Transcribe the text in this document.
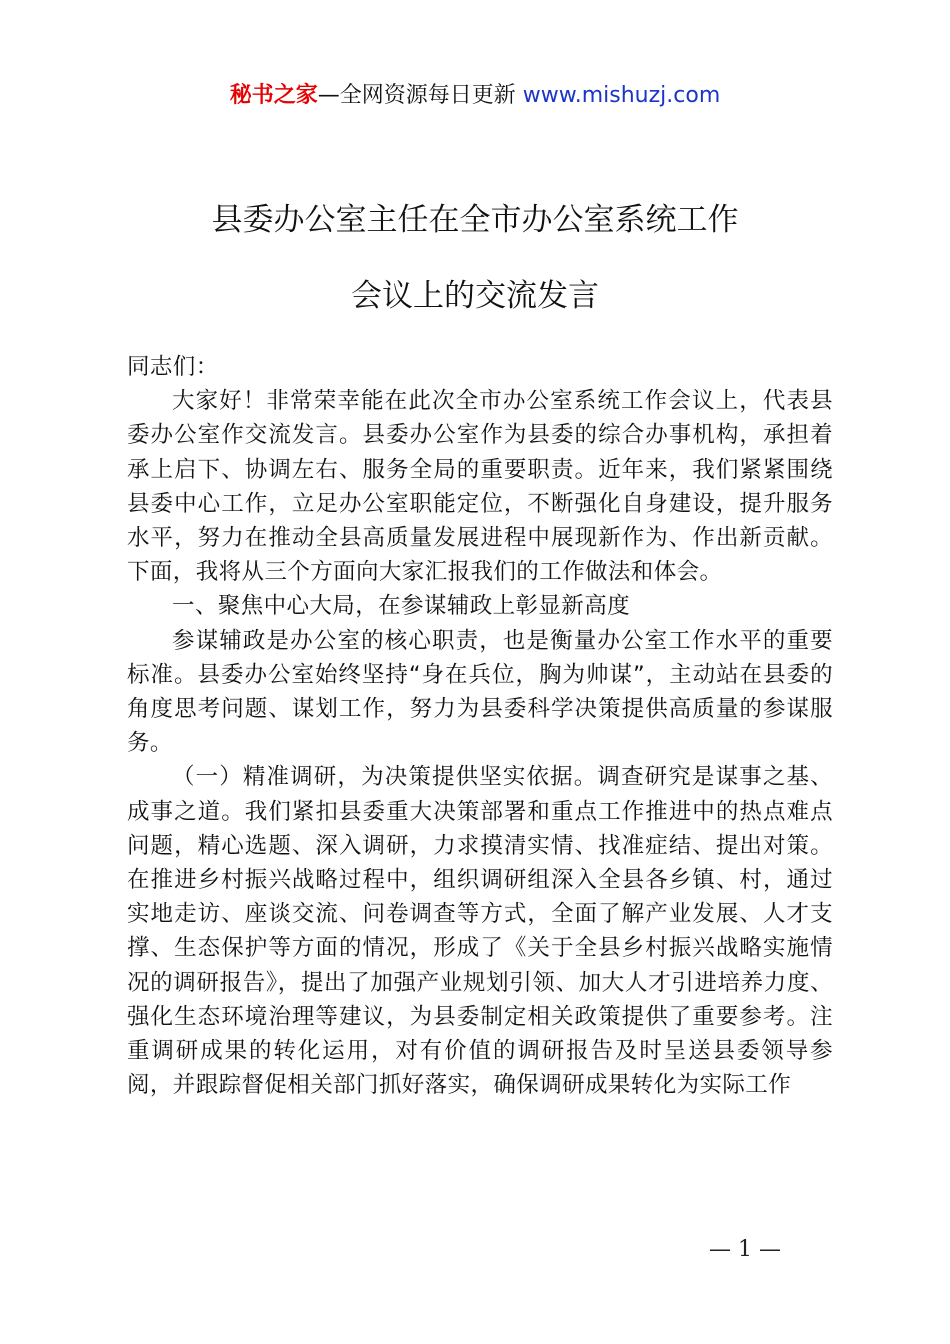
秘书之家—全网资源每日更新 www.mishuzj.com
县委办公室主任在全市办公室系统工作
会议上的交流发言

同志们：

大家好！非常荣幸能在此次全市办公室系统工作会议上，代表县委办公室作交流发言。县委办公室作为县委的综合办事机构，承担着承上启下、协调左右、服务全局的重要职责。近年来，我们紧紧围绕县委中心工作，立足办公室职能定位，不断强化自身建设，提升服务水平，努力在推动全县高质量发展进程中展现新作为、作出新贡献。下面，我将从三个方面向大家汇报我们的工作做法和体会。

一、聚焦中心大局，在参谋辅政上彰显新高度

参谋辅政是办公室的核心职责，也是衡量办公室工作水平的重要标准。县委办公室始终坚持“身在兵位，胸为帅谋”，主动站在县委的角度思考问题、谋划工作，努力为县委科学决策提供高质量的参谋服务。

（一）精准调研，为决策提供坚实依据。调查研究是谋事之基、成事之道。我们紧扣县委重大决策部署和重点工作推进中的热点难点问题，精心选题、深入调研，力求摸清实情、找准症结、提出对策。在推进乡村振兴战略过程中，组织调研组深入全县各乡镇、村，通过实地走访、座谈交流、问卷调查等方式，全面了解产业发展、人才支撑、生态保护等方面的情况，形成了《关于全县乡村振兴战略实施情况的调研报告》，提出了加强产业规划引领、加大人才引进培养力度、强化生态环境治理等建议，为县委制定相关政策提供了重要参考。注重调研成果的转化运用，对有价值的调研报告及时呈送县委领导参阅，并跟踪督促相关部门抓好落实，确保调研成果转化为实际工作

— 1 —
